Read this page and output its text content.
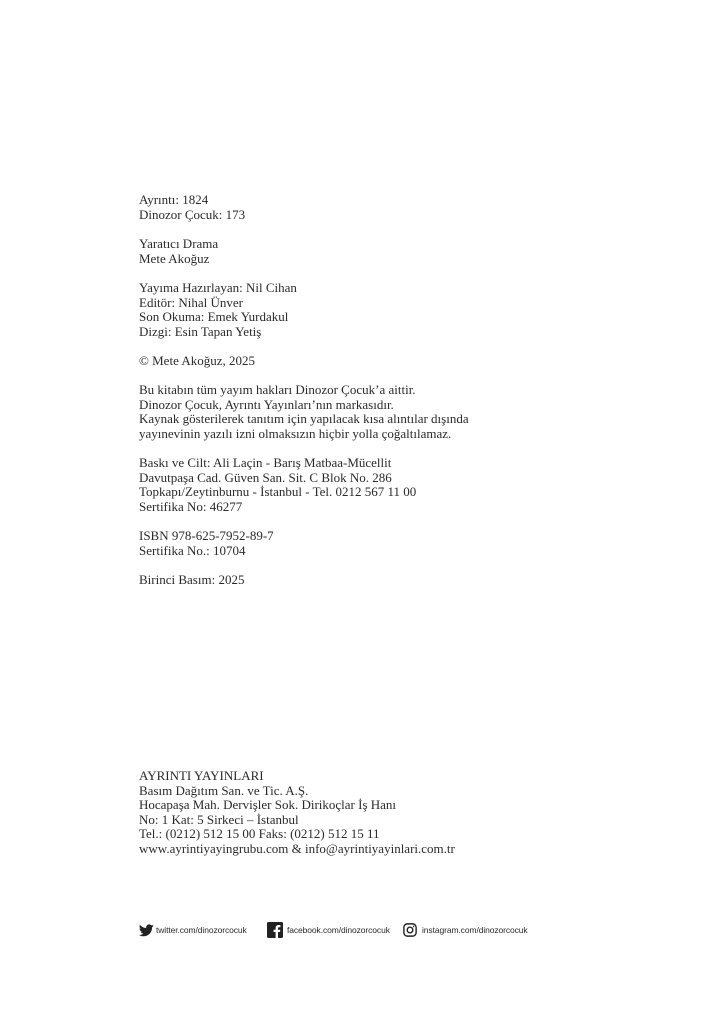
Ayrıntı: 1824
Dinozor Çocuk: 173
Yaratıcı Drama
Mete Akoğuz
Yayıma Hazırlayan: Nil Cihan
Editör: Nihal Ünver
Son Okuma: Emek Yurdakul
Dizgi: Esin Tapan Yetiş
© Mete Akoğuz, 2025
Bu kitabın tüm yayım hakları Dinozor Çocuk’a aittir.
Dinozor Çocuk, Ayrıntı Yayınları’nın markasıdır.
Kaynak gösterilerek tanıtım için yapılacak kısa alıntılar dışında
yayınevinin yazılı izni olmaksızın hiçbir yolla çoğaltılamaz.
Baskı ve Cilt: Ali Laçin - Barış Matbaa-Mücellit
Davutpaşa Cad. Güven San. Sit. C Blok No. 286
Topkapı/Zeytinburnu - İstanbul - Tel. 0212 567 11 00
Sertifika No: 46277
ISBN 978-625-7952-89-7
Sertifika No.: 10704
Birinci Basım: 2025
AYRINTI YAYINLARI
Basım Dağıtım San. ve Tic. A.Ş.
Hocapaşa Mah. Dervişler Sok. Dirikoçlar İş Hanı
No: 1 Kat: 5 Sirkeci – İstanbul
Tel.: (0212) 512 15 00 Faks: (0212) 512 15 11
www.ayrintiyayingrubu.com & info@ayrintiyayinlari.com.tr
twitter.com/dinozorcocuk	facebook.com/dinozorcocuk	instagram.com/dinozorcocuk
